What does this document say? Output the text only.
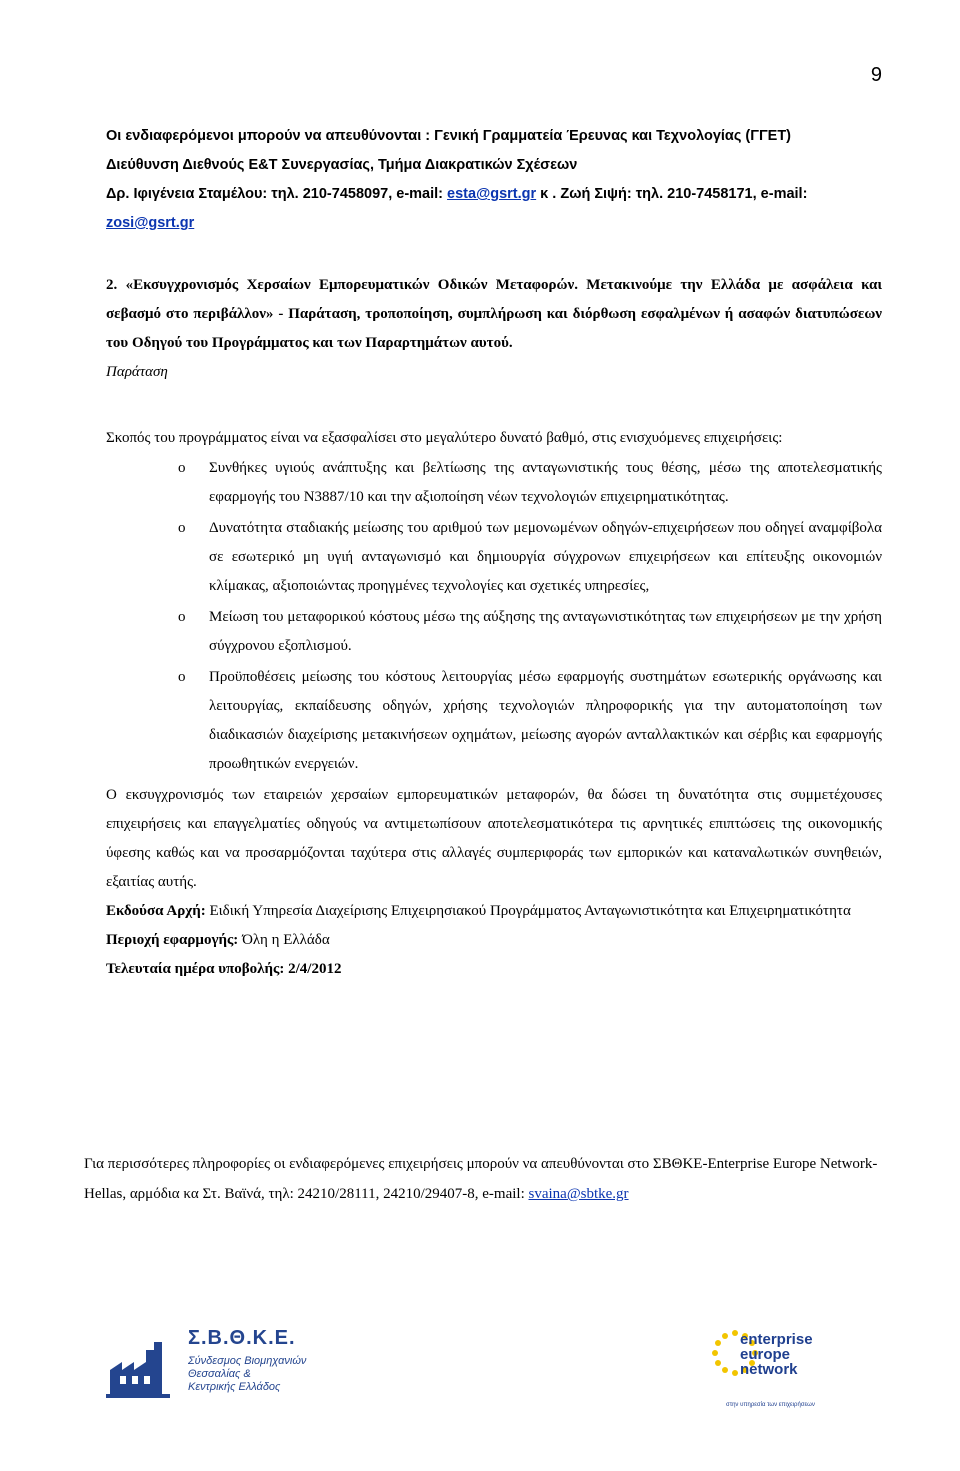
9
Οι ενδιαφερόμενοι μπορούν να απευθύνονται : Γενική Γραμματεία Έρευνας και Τεχνολογίας (ΓΓΕΤ)
Διεύθυνση Διεθνούς Ε&Τ Συνεργασίας, Τμήμα Διακρατικών Σχέσεων
Δρ. Ιφιγένεια Σταμέλου: τηλ. 210-7458097, e-mail: esta@gsrt.gr κ . Ζωή Σιψή: τηλ. 210-7458171, e-mail: zosi@gsrt.gr
2. «Εκσυγχρονισμός Χερσαίων Εμπορευματικών Οδικών Μεταφορών. Μετακινούμε την Ελλάδα με ασφάλεια και σεβασμό στο περιβάλλον» - Παράταση, τροποποίηση, συμπλήρωση και διόρθωση εσφαλμένων ή ασαφών διατυπώσεων του Οδηγού του Προγράμματος και των Παραρτημάτων αυτού.
Παράταση
Σκοπός του προγράμματος είναι να εξασφαλίσει στο μεγαλύτερο δυνατό βαθμό, στις ενισχυόμενες επιχειρήσεις:
o Συνθήκες υγιούς ανάπτυξης και βελτίωσης της ανταγωνιστικής τους θέσης, μέσω της αποτελεσματικής εφαρμογής του Ν3887/10 και την αξιοποίηση νέων τεχνολογιών επιχειρηματικότητας.
o Δυνατότητα σταδιακής μείωσης του αριθμού των μεμονωμένων οδηγών-επιχειρήσεων που οδηγεί αναμφίβολα σε εσωτερικό μη υγιή ανταγωνισμό και δημιουργία σύγχρονων επιχειρήσεων και επίτευξης οικονομιών κλίμακας, αξιοποιώντας προηγμένες τεχνολογίες και σχετικές υπηρεσίες,
o Μείωση του μεταφορικού κόστους μέσω της αύξησης της ανταγωνιστικότητας των επιχειρήσεων με την χρήση σύγχρονου εξοπλισμού.
o Προϋποθέσεις μείωσης του κόστους λειτουργίας μέσω εφαρμογής συστημάτων εσωτερικής οργάνωσης και λειτουργίας, εκπαίδευσης οδηγών, χρήσης τεχνολογιών πληροφορικής για την αυτοματοποίηση των διαδικασιών διαχείρισης μετακινήσεων οχημάτων, μείωσης αγορών ανταλλακτικών και σέρβις και εφαρμογής προωθητικών ενεργειών.
Ο εκσυγχρονισμός των εταιρειών χερσαίων εμπορευματικών μεταφορών, θα δώσει τη δυνατότητα στις συμμετέχουσες επιχειρήσεις και επαγγελματίες οδηγούς να αντιμετωπίσουν αποτελεσματικότερα τις αρνητικές επιπτώσεις της οικονομικής ύφεσης καθώς και να προσαρμόζονται ταχύτερα στις αλλαγές συμπεριφοράς των εμπορικών και καταναλωτικών συνηθειών, εξαιτίας αυτής.
Εκδούσα Αρχή: Ειδική Υπηρεσία Διαχείρισης Επιχειρησιακού Προγράμματος Ανταγωνιστικότητα και Επιχειρηματικότητα
Περιοχή εφαρμογής: Όλη η Ελλάδα
Τελευταία ημέρα υποβολής: 2/4/2012
Για περισσότερες πληροφορίες οι ενδιαφερόμενες επιχειρήσεις μπορούν να απευθύνονται στο ΣΒΘΚΕ-Enterprise Europe Network-Hellas, αρμόδια κα Στ. Βαϊνά, τηλ: 24210/28111, 24210/29407-8, e-mail: svaina@sbtke.gr
Σ.Β.Θ.Κ.Ε.
Σύνδεσμος Βιομηχανιών
Θεσσαλίας &
Κεντρικής Ελλάδος
enterprise
europe
network
στην υπηρεσία των επιχειρήσεων
